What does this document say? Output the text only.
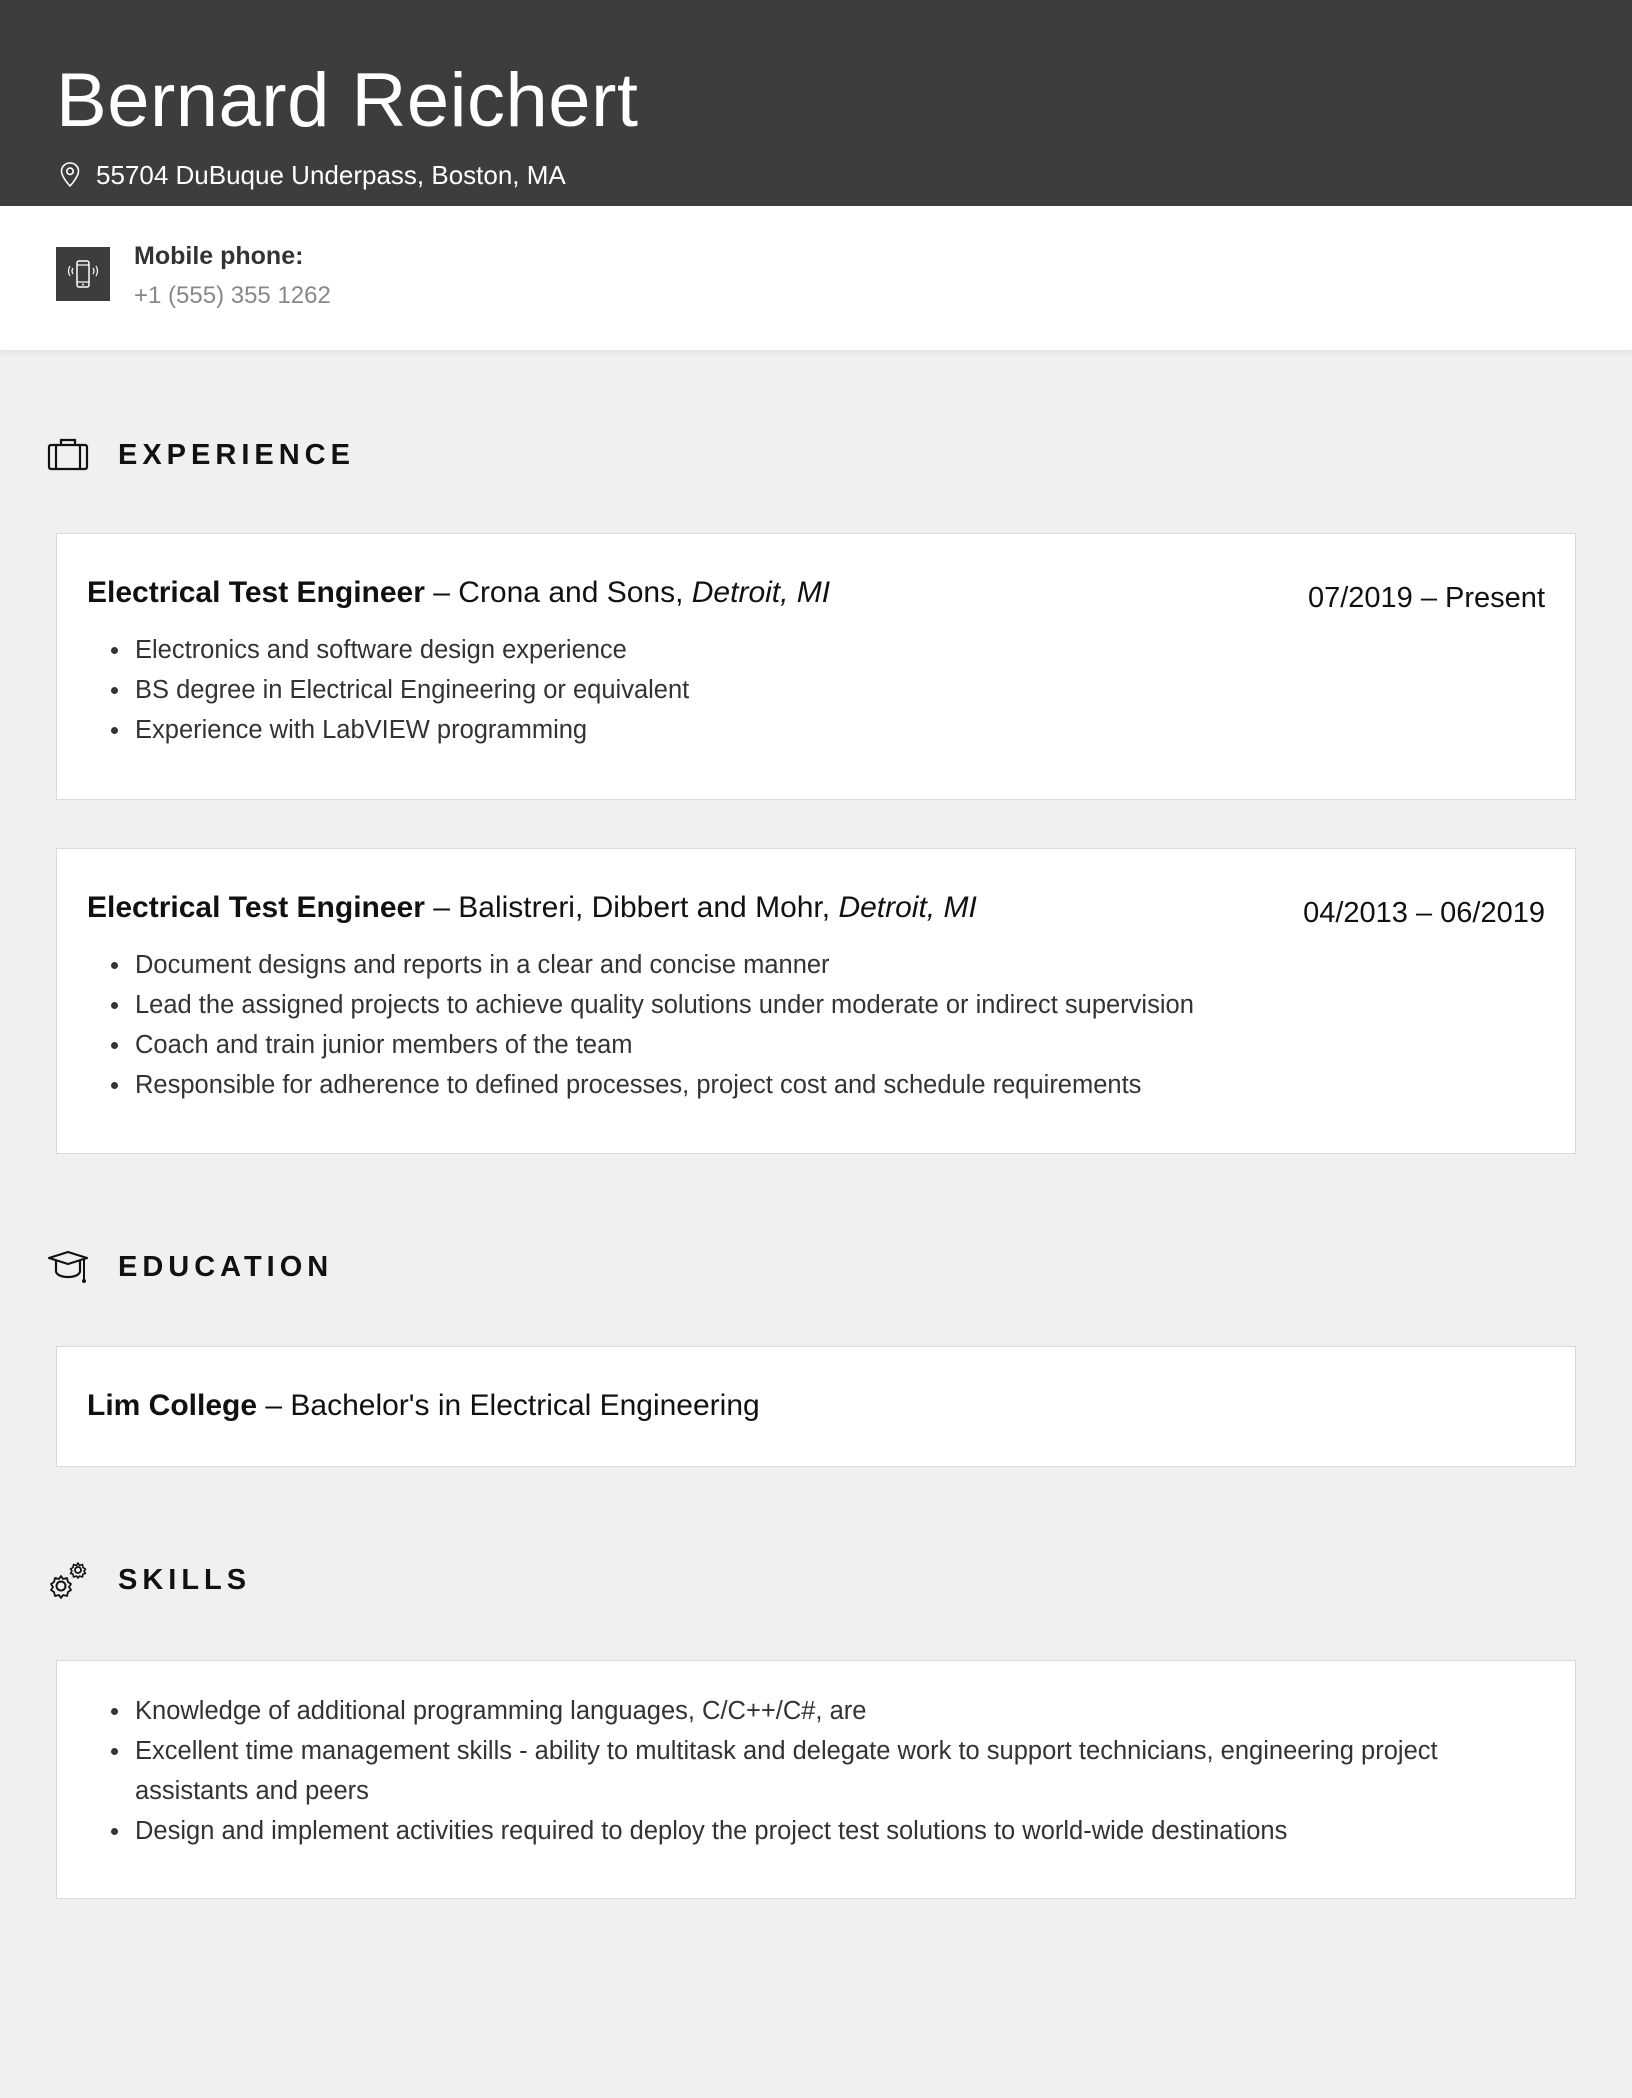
Bernard Reichert
55704 DuBuque Underpass, Boston, MA
Mobile phone:
+1 (555) 355 1262
EXPERIENCE
Electrical Test Engineer – Crona and Sons, Detroit, MI	07/2019 – Present
Electronics and software design experience
BS degree in Electrical Engineering or equivalent
Experience with LabVIEW programming
Electrical Test Engineer – Balistreri, Dibbert and Mohr, Detroit, MI	04/2013 – 06/2019
Document designs and reports in a clear and concise manner
Lead the assigned projects to achieve quality solutions under moderate or indirect supervision
Coach and train junior members of the team
Responsible for adherence to defined processes, project cost and schedule requirements
EDUCATION
Lim College – Bachelor's in Electrical Engineering
SKILLS
Knowledge of additional programming languages, C/C++/C#, are
Excellent time management skills - ability to multitask and delegate work to support technicians, engineering project assistants and peers
Design and implement activities required to deploy the project test solutions to world-wide destinations
